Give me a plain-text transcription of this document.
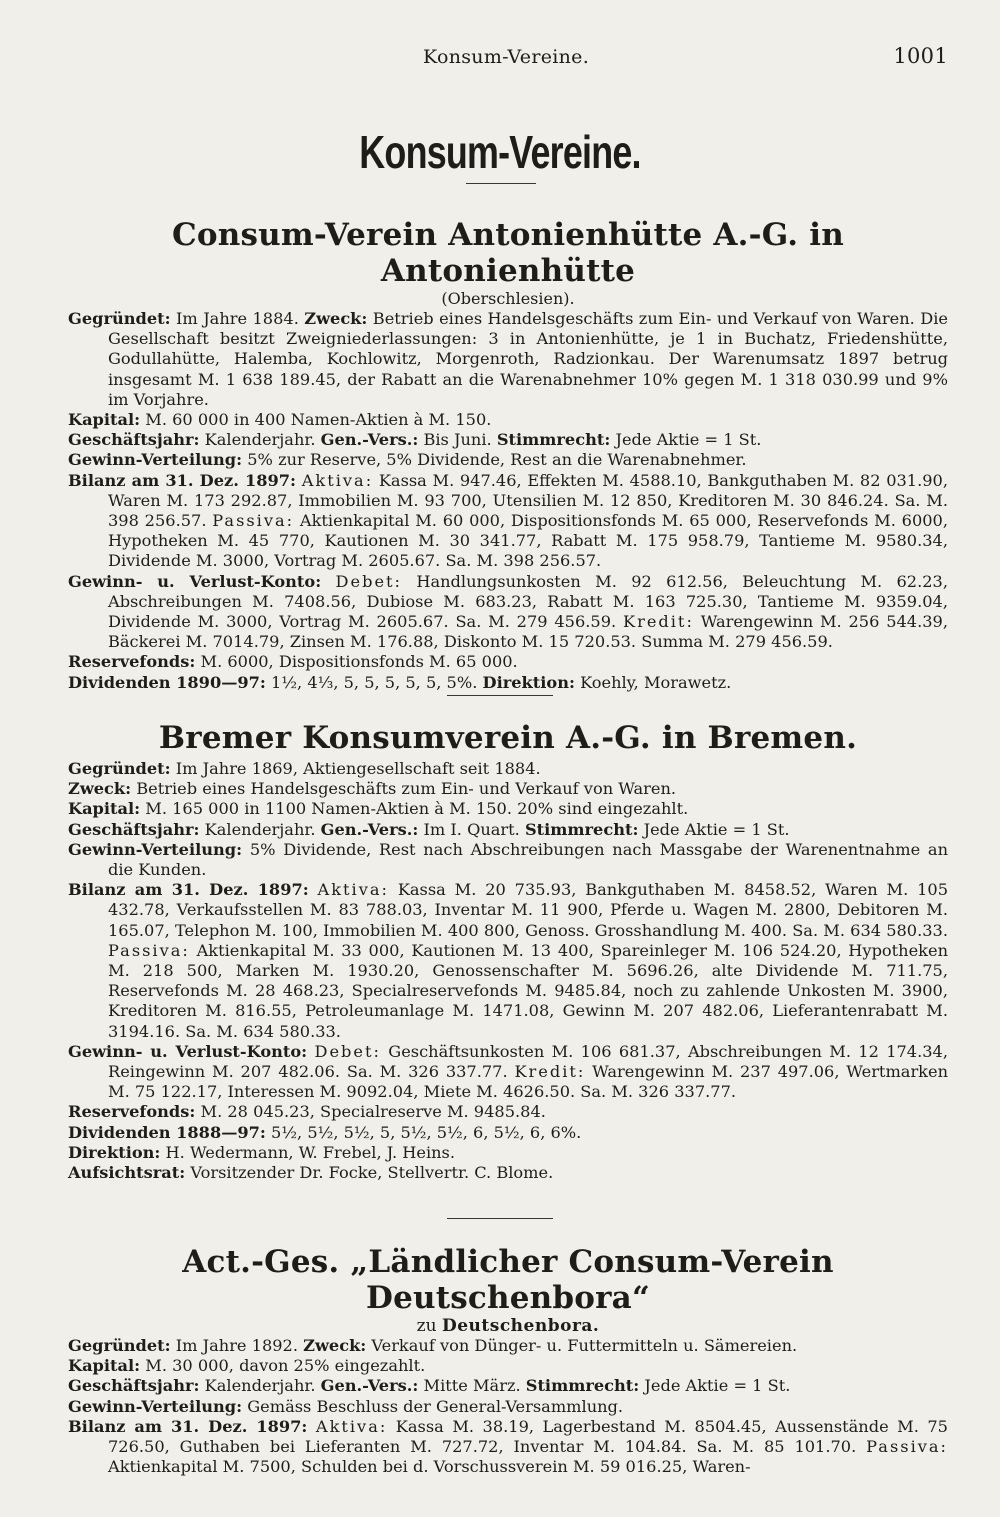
Konsum-Vereine.	1001
Konsum-Vereine.
Consum-Verein Antonienhütte A.-G. in Antonienhütte

(Oberschlesien).

Gegründet: Im Jahre 1884. Zweck: Betrieb eines Handelsgeschäfts zum Ein- und Verkauf von Waren. Die Gesellschaft besitzt Zweigniederlassungen: 3 in Antonienhütte, je 1 in Buchatz, Friedenshütte, Godullahütte, Halemba, Kochlowitz, Morgenroth, Radzionkau. Der Warenumsatz 1897 betrug insgesamt M. 1 638 189.45, der Rabatt an die Warenabnehmer 10% gegen M. 1 318 030.99 und 9% im Vorjahre.

Kapital: M. 60 000 in 400 Namen-Aktien à M. 150.

Geschäftsjahr: Kalenderjahr. Gen.-Vers.: Bis Juni. Stimmrecht: Jede Aktie = 1 St.

Gewinn-Verteilung: 5% zur Reserve, 5% Dividende, Rest an die Warenabnehmer.

Bilanz am 31. Dez. 1897: Aktiva: Kassa M. 947.46, Effekten M. 4588.10, Bankguthaben M. 82 031.90, Waren M. 173 292.87, Immobilien M. 93 700, Utensilien M. 12 850, Kreditoren M. 30 846.24. Sa. M. 398 256.57. Passiva: Aktienkapital M. 60 000, Dispositionsfonds M. 65 000, Reservefonds M. 6000, Hypotheken M. 45 770, Kautionen M. 30 341.77, Rabatt M. 175 958.79, Tantieme M. 9580.34, Dividende M. 3000, Vortrag M. 2605.67. Sa. M. 398 256.57.

Gewinn- u. Verlust-Konto: Debet: Handlungsunkosten M. 92 612.56, Beleuchtung M. 62.23, Abschreibungen M. 7408.56, Dubiose M. 683.23, Rabatt M. 163 725.30, Tantieme M. 9359.04, Dividende M. 3000, Vortrag M. 2605.67. Sa. M. 279 456.59. Kredit: Warengewinn M. 256 544.39, Bäckerei M. 7014.79, Zinsen M. 176.88, Diskonto M. 15 720.53. Summa M. 279 456.59.

Reservefonds: M. 6000, Dispositionsfonds M. 65 000.

Dividenden 1890—97: 1½, 4⅓, 5, 5, 5, 5, 5, 5%. Direktion: Koehly, Morawetz.

Bremer Konsumverein A.-G. in Bremen.

Gegründet: Im Jahre 1869, Aktiengesellschaft seit 1884.

Zweck: Betrieb eines Handelsgeschäfts zum Ein- und Verkauf von Waren.

Kapital: M. 165 000 in 1100 Namen-Aktien à M. 150. 20% sind eingezahlt.

Geschäftsjahr: Kalenderjahr. Gen.-Vers.: Im I. Quart. Stimmrecht: Jede Aktie = 1 St.

Gewinn-Verteilung: 5% Dividende, Rest nach Abschreibungen nach Massgabe der Warenentnahme an die Kunden.

Bilanz am 31. Dez. 1897: Aktiva: Kassa M. 20 735.93, Bankguthaben M. 8458.52, Waren M. 105 432.78, Verkaufsstellen M. 83 788.03, Inventar M. 11 900, Pferde u. Wagen M. 2800, Debitoren M. 165.07, Telephon M. 100, Immobilien M. 400 800, Genoss. Grosshandlung M. 400. Sa. M. 634 580.33. Passiva: Aktienkapital M. 33 000, Kautionen M. 13 400, Spareinleger M. 106 524.20, Hypotheken M. 218 500, Marken M. 1930.20, Genossenschafter M. 5696.26, alte Dividende M. 711.75, Reservefonds M. 28 468.23, Specialreservefonds M. 9485.84, noch zu zahlende Unkosten M. 3900, Kreditoren M. 816.55, Petroleumanlage M. 1471.08, Gewinn M. 207 482.06, Lieferantenrabatt M. 3194.16. Sa. M. 634 580.33.

Gewinn- u. Verlust-Konto: Debet: Geschäftsunkosten M. 106 681.37, Abschreibungen M. 12 174.34, Reingewinn M. 207 482.06. Sa. M. 326 337.77. Kredit: Warengewinn M. 237 497.06, Wertmarken M. 75 122.17, Interessen M. 9092.04, Miete M. 4626.50. Sa. M. 326 337.77.

Reservefonds: M. 28 045.23, Specialreserve M. 9485.84.

Dividenden 1888—97: 5½, 5½, 5½, 5, 5½, 5½, 6, 5½, 6, 6%.

Direktion: H. Wedermann, W. Frebel, J. Heins.

Aufsichtsrat: Vorsitzender Dr. Focke, Stellvertr. C. Blome.

Act.-Ges. „Ländlicher Consum-Verein Deutschenbora“

zu Deutschenbora.

Gegründet: Im Jahre 1892. Zweck: Verkauf von Dünger- u. Futtermitteln u. Sämereien.

Kapital: M. 30 000, davon 25% eingezahlt.

Geschäftsjahr: Kalenderjahr. Gen.-Vers.: Mitte März. Stimmrecht: Jede Aktie = 1 St.

Gewinn-Verteilung: Gemäss Beschluss der General-Versammlung.

Bilanz am 31. Dez. 1897: Aktiva: Kassa M. 38.19, Lagerbestand M. 8504.45, Aussenstände M. 75 726.50, Guthaben bei Lieferanten M. 727.72, Inventar M. 104.84. Sa. M. 85 101.70. Passiva: Aktienkapital M. 7500, Schulden bei d. Vorschussverein M. 59 016.25, Waren-
